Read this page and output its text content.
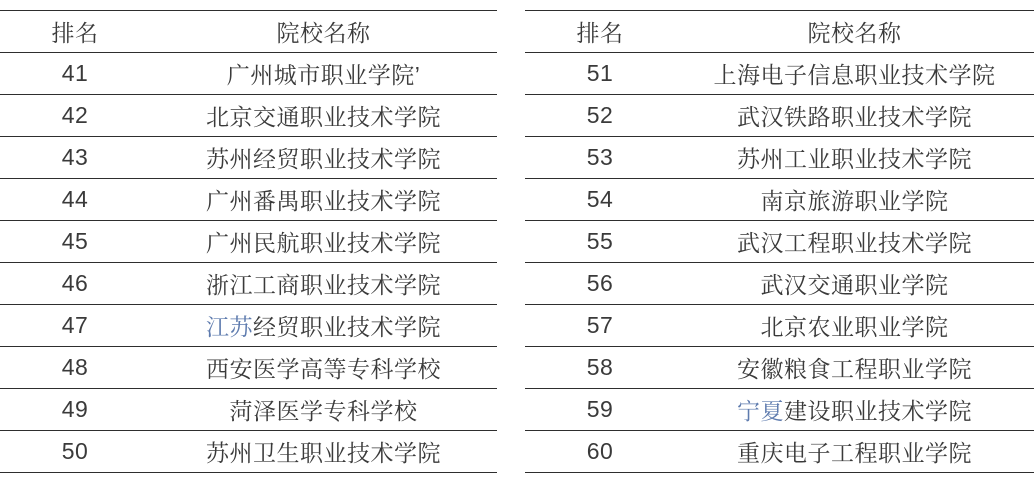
排名	院校名称
41	广州城市职业学院’
42	北京交通职业技术学院
43	苏州经贸职业技术学院
44	广州番禺职业技术学院
45	广州民航职业技术学院
46	浙江工商职业技术学院
47	江苏经贸职业技术学院
48	西安医学高等专科学校
49	菏泽医学专科学校
50	苏州卫生职业技术学院
排名	院校名称
51	上海电子信息职业技术学院
52	武汉铁路职业技术学院
53	苏州工业职业技术学院
54	南京旅游职业学院
55	武汉工程职业技术学院
56	武汉交通职业学院
57	北京农业职业学院
58	安徽粮食工程职业学院
59	宁夏建设职业技术学院
60	重庆电子工程职业学院
